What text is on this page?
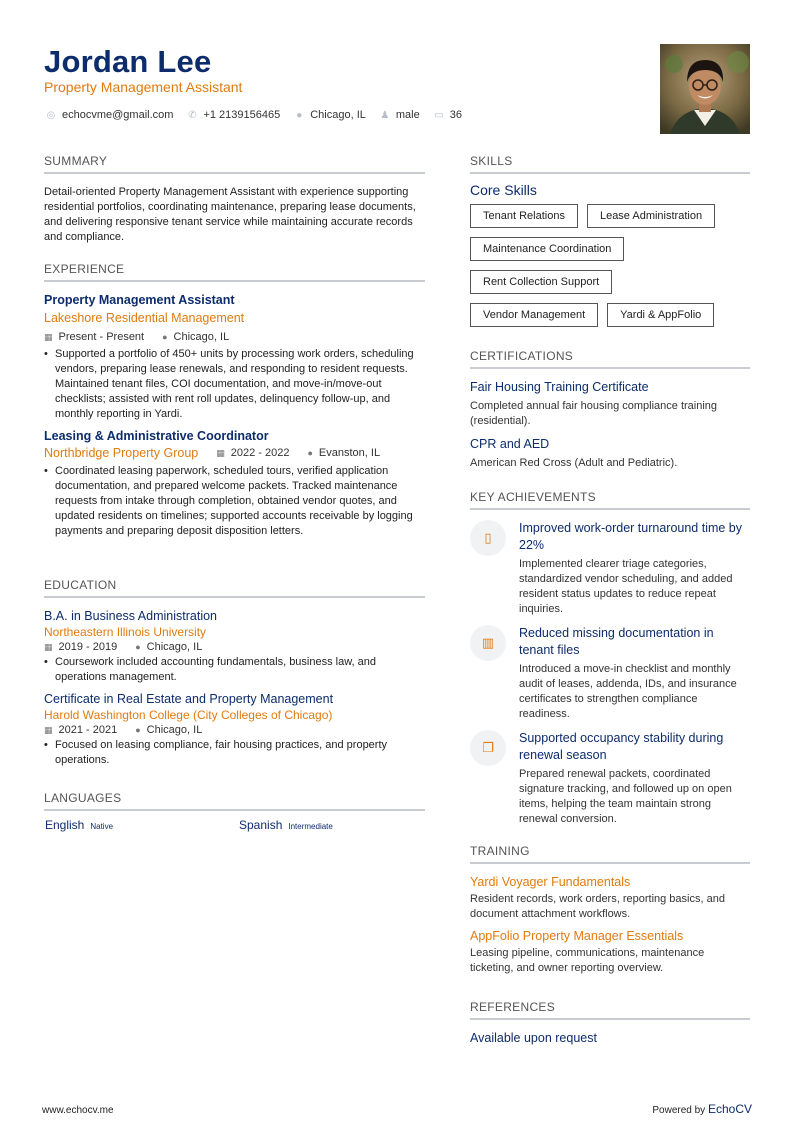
Jordan Lee
Property Management Assistant
◎ echocvme@gmail.com ✆ +1 2139156465 ● Chicago, IL ♟ male ▭ 36
SUMMARY
Detail-oriented Property Management Assistant with experience supporting residential portfolios, coordinating maintenance, preparing lease documents, and delivering responsive tenant service while maintaining accurate records and compliance.
EXPERIENCE
Property Management Assistant
Lakeshore Residential Management
▦ Present - Present ● Chicago, IL
• Supported a portfolio of 450+ units by processing work orders, scheduling vendors, preparing lease renewals, and responding to resident requests. Maintained tenant files, COI documentation, and move-in/move-out checklists; assisted with rent roll updates, delinquency follow-up, and monthly reporting in Yardi.
Leasing & Administrative Coordinator
Northbridge Property Group ▦ 2022 - 2022 ● Evanston, IL
• Coordinated leasing paperwork, scheduled tours, verified application documentation, and prepared welcome packets. Tracked maintenance requests from intake through completion, obtained vendor quotes, and updated residents on timelines; supported accounts receivable by logging payments and preparing deposit disposition letters.
EDUCATION
B.A. in Business Administration
Northeastern Illinois University
▦ 2019 - 2019 ● Chicago, IL
• Coursework included accounting fundamentals, business law, and operations management.
Certificate in Real Estate and Property Management
Harold Washington College (City Colleges of Chicago)
▦ 2021 - 2021 ● Chicago, IL
• Focused on leasing compliance, fair housing practices, and property operations.
LANGUAGES
English Native	Spanish Intermediate
SKILLS
Core Skills
Tenant Relations	Lease Administration
Maintenance Coordination
Rent Collection Support
Vendor Management	Yardi & AppFolio
CERTIFICATIONS
Fair Housing Training Certificate
Completed annual fair housing compliance training (residential).
CPR and AED
American Red Cross (Adult and Pediatric).
KEY ACHIEVEMENTS
▯
Improved work-order turnaround time by 22%
Implemented clearer triage categories, standardized vendor scheduling, and added resident status updates to reduce repeat inquiries.
▥
Reduced missing documentation in tenant files
Introduced a move-in checklist and monthly audit of leases, addenda, IDs, and insurance certificates to strengthen compliance readiness.
❐
Supported occupancy stability during renewal season
Prepared renewal packets, coordinated signature tracking, and followed up on open items, helping the team maintain strong renewal conversion.
TRAINING
Yardi Voyager Fundamentals
Resident records, work orders, reporting basics, and document attachment workflows.
AppFolio Property Manager Essentials
Leasing pipeline, communications, maintenance ticketing, and owner reporting overview.
REFERENCES
Available upon request
www.echocv.me	Powered by EchoCV
